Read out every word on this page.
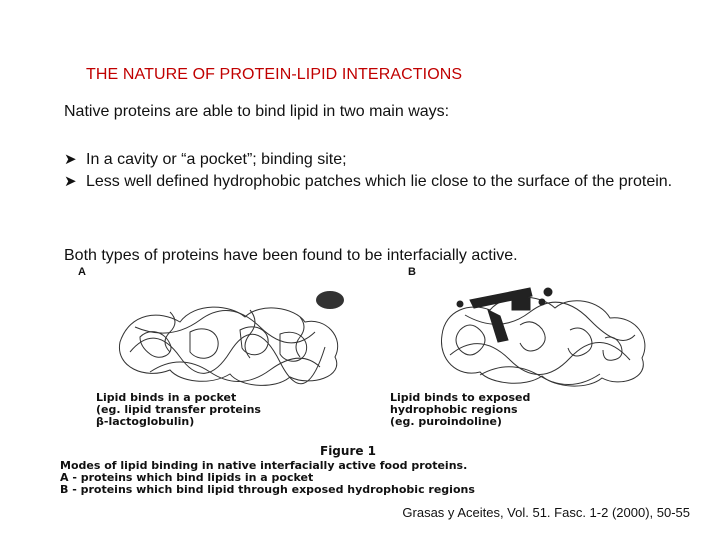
THE NATURE OF PROTEIN-LIPID INTERACTIONS
Native proteins are able to bind lipid in two main ways:
➤ In a cavity or “a pocket”; binding site;
➤ Less well defined hydrophobic patches which lie close to the surface of the protein.
Both types of proteins have been found to be interfacially active.
A	B
Lipid binds in a pocket
(eg. lipid transfer proteins
β-lactoglobulin)
Lipid binds to exposed
hydrophobic regions
(eg. puroindoline)
Figure 1
Modes of lipid binding in native interfacially active food proteins.
A - proteins which bind lipids in a pocket
B - proteins which bind lipid through exposed hydrophobic regions
Grasas y Aceites, Vol. 51. Fasc. 1-2 (2000), 50-55
